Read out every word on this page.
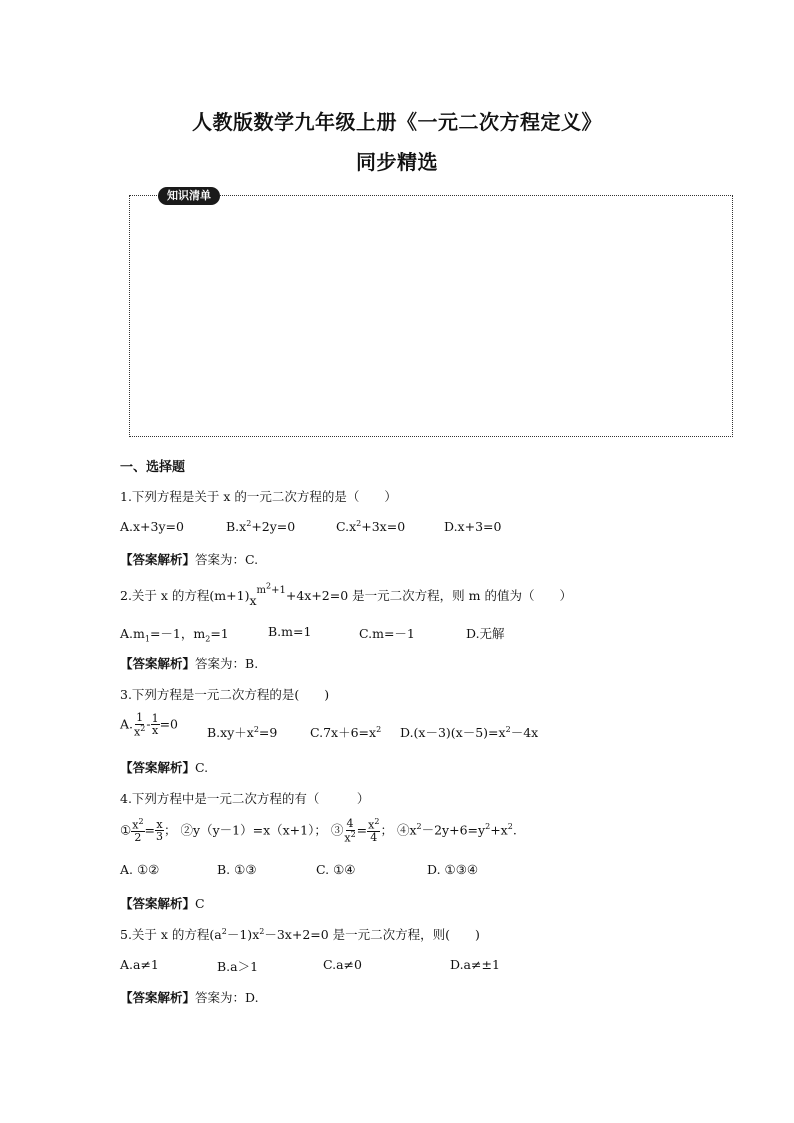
人教版数学九年级上册《一元二次方程定义》
同步精选
知识清单
一、选择题
1.下列方程是关于 x 的一元二次方程的是（　　）
A.x+3y=0	$B.x^2+2y=0$	$C.x^2+3x=0$	D.x+3=0
【答案解析】答案为：C.
2.关于 x 的方程$(m+1)x^{m^2+1}+4x+2=0$ 是一元二次方程，则 m 的值为（　　）
$A.m_1=-1$，$m_2=1$	B.m=1	C.m=－1	D.无解
【答案解析】答案为：B.
3.下列方程是一元二次方程的是(　　)
A. $\frac{1}{x^2} - \frac{1}{x} =0$
$B.xy+x^2=9$	$C.7x+6=x^2$ $D.(x-3)(x-5)=x^2-4x$
【答案解析】C.
4.下列方程中是一元二次方程的有（　　　）
① $\frac{x^2}{2} = \frac{x}{3}$ ； ②y（y－1）=x（x+1）； ③ $\frac{4}{x^2} = \frac{x^2}{4}$ ； $④x^2-2y+6=y^2+x^2$.
A. ①②	B. ①③	C. ①④	D. ①③④
【答案解析】C
5.关于 x 的方程$(a^2-1)x^2-3x+2=0$ 是一元二次方程，则(　　)
A.a≠1	B.a＞1	C.a≠0	D.a≠±1
【答案解析】答案为：D.
